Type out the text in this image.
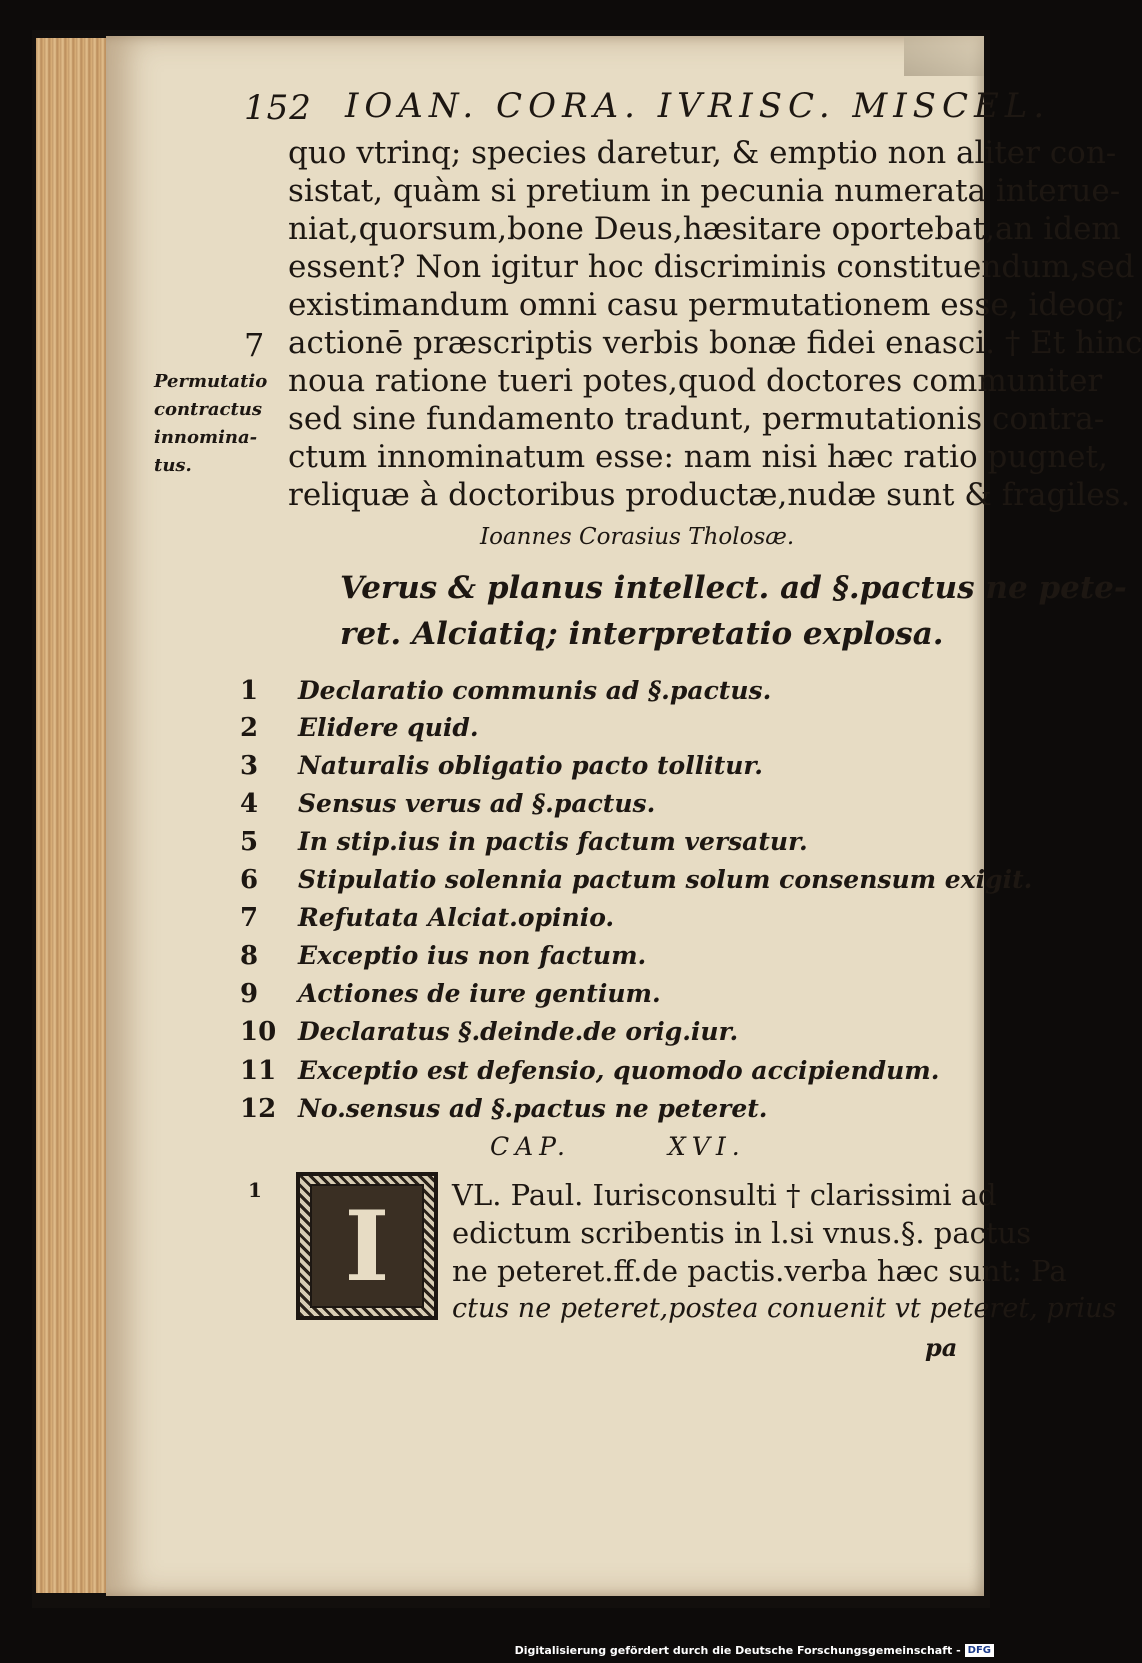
152 IOAN. CORA. IVRISC. MISCEL.
quo vtrinq; species daretur, & emptio non aliter con-
sistat, quàm si pretium in pecunia numerata interue-
niat,quorsum,bone Deus,hæsitare oportebat,an idem
essent? Non igitur hoc discriminis constituendum,sed
existimandum omni casu permutationem esse, ideoq;
actionē præscriptis verbis bonæ fidei enasci. † Et hinc
noua ratione tueri potes,quod doctores communiter
sed sine fundamento tradunt, permutationis contra-
ctum innominatum esse: nam nisi hæc ratio pugnet,
reliquæ à doctoribus productæ,nudæ sunt & fragiles.
7
Permutatio
contractus
innomina-
tus.
Ioannes Corasius Tholosæ.
Verus & planus intellect. ad §.pactus ne pete-
ret. Alciatiq; interpretatio explosa.
1 Declaratio communis ad §.pactus.
2 Elidere quid.
3 Naturalis obligatio pacto tollitur.
4 Sensus verus ad §.pactus.
5 In stip.ius in pactis factum versatur.
6 Stipulatio solennia pactum solum consensum exigit.
7 Refutata Alciat.opinio.
8 Exceptio ius non factum.
9 Actiones de iure gentium.
10 Declaratus §.deinde.de orig.iur.
11 Exceptio est defensio, quomodo accipiendum.
12 No.sensus ad §.pactus ne peteret.
CAP.	XVI.
1 I VL. Paul. Iurisconsulti † clarissimi ad
edictum scribentis in l.si vnus.§. pactus
ne peteret.ff.de pactis.verba hæc sunt: Pa
ctus ne peteret,postea conuenit vt peteret, prius
pa
Digitalisierung gefördert durch die Deutsche Forschungsgemeinschaft - DFG
